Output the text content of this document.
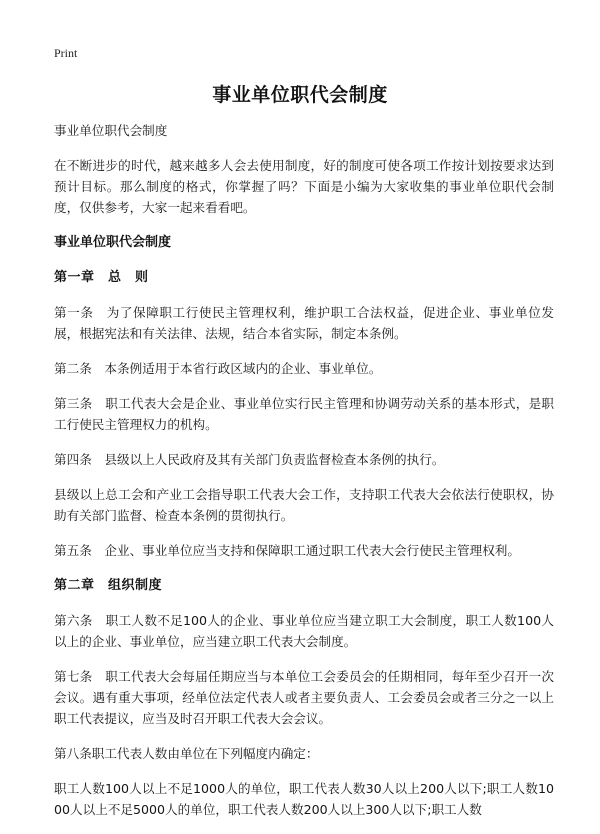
Print
事业单位职代会制度

事业单位职代会制度

在不断进步的时代，越来越多人会去使用制度，好的制度可使各项工作按计划按要求达到预计目标。那么制度的格式，你掌握了吗？下面是小编为大家收集的事业单位职代会制度，仅供参考，大家一起来看看吧。

事业单位职代会制度

第一章　总　则

第一条　为了保障职工行使民主管理权利，维护职工合法权益，促进企业、事业单位发展，根据宪法和有关法律、法规，结合本省实际，制定本条例。

第二条　本条例适用于本省行政区域内的企业、事业单位。

第三条　职工代表大会是企业、事业单位实行民主管理和协调劳动关系的基本形式，是职工行使民主管理权力的机构。

第四条　县级以上人民政府及其有关部门负责监督检查本条例的执行。

县级以上总工会和产业工会指导职工代表大会工作，支持职工代表大会依法行使职权，协助有关部门监督、检查本条例的贯彻执行。

第五条　企业、事业单位应当支持和保障职工通过职工代表大会行使民主管理权利。

第二章　组织制度

第六条　职工人数不足100人的企业、事业单位应当建立职工大会制度，职工人数100人以上的企业、事业单位，应当建立职工代表大会制度。

第七条　职工代表大会每届任期应当与本单位工会委员会的任期相同，每年至少召开一次会议。遇有重大事项，经单位法定代表人或者主要负责人、工会委员会或者三分之一以上职工代表提议，应当及时召开职工代表大会会议。

第八条职工代表人数由单位在下列幅度内确定：

职工人数100人以上不足1000人的单位，职工代表人数30人以上200人以下;职工人数1000人以上不足5000人的单位，职工代表人数200人以上300人以下;职工人数
